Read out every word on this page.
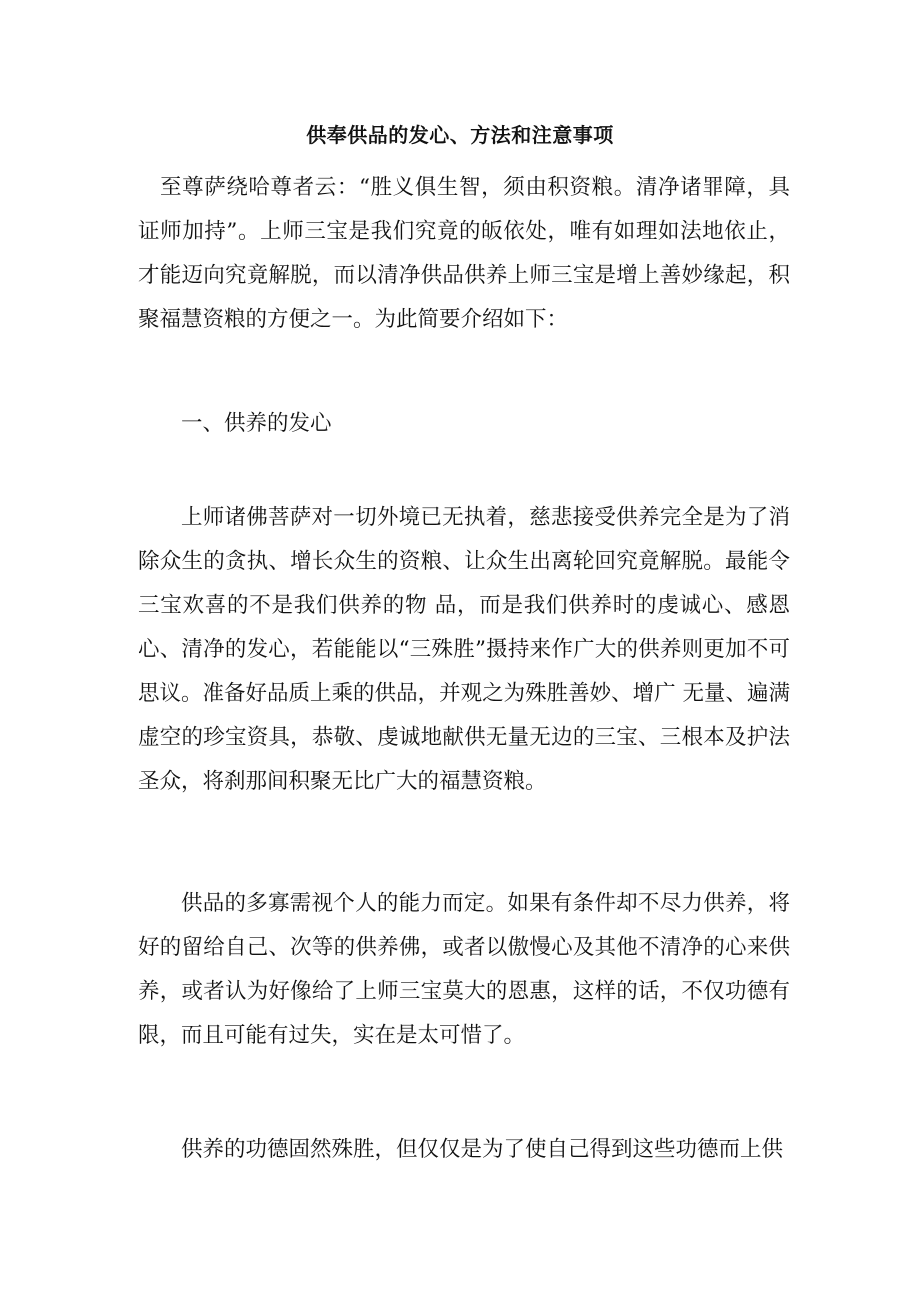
供奉供品的发心、方法和注意事项

至尊萨绕哈尊者云：“胜义俱生智，须由积资粮。清净诸罪障，具证师加持”。上师三宝是我们究竟的皈依处，唯有如理如法地依止，才能迈向究竟解脱，而以清净供品供养上师三宝是增上善妙缘起，积聚福慧资粮的方便之一。为此简要介绍如下：

一、供养的发心

上师诸佛菩萨对一切外境已无执着，慈悲接受供养完全是为了消除众生的贪执、增长众生的资粮、让众生出离轮回究竟解脱。最能令三宝欢喜的不是我们供养的物 品，而是我们供养时的虔诚心、感恩心、清净的发心，若能能以“三殊胜”摄持来作广大的供养则更加不可思议。准备好品质上乘的供品，并观之为殊胜善妙、增广 无量、遍满虚空的珍宝资具，恭敬、虔诚地献供无量无边的三宝、三根本及护法圣众，将刹那间积聚无比广大的福慧资粮。

供品的多寡需视个人的能力而定。如果有条件却不尽力供养，将好的留给自己、次等的供养佛，或者以傲慢心及其他不清净的心来供养，或者认为好像给了上师三宝莫大的恩惠，这样的话，不仅功德有限，而且可能有过失，实在是太可惜了。

供养的功德固然殊胜，但仅仅是为了使自己得到这些功德而上供
